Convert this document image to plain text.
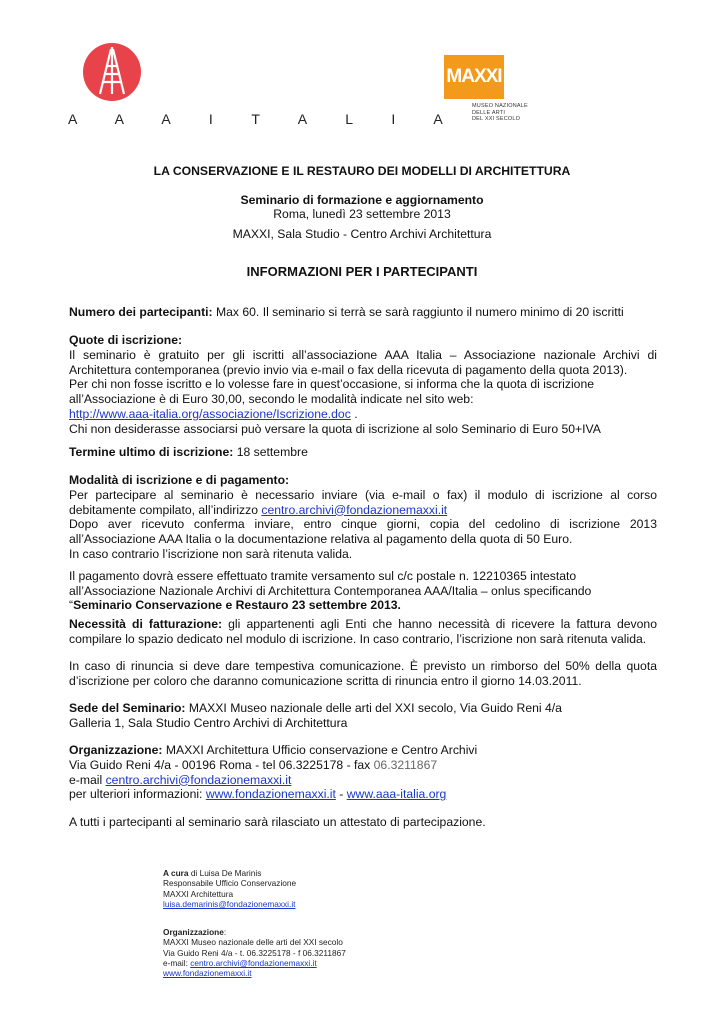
A A A I T A L I A
MAXXI
MUSEO NAZIONALE
DELLE ARTI
DEL XXI SECOLO
LA CONSERVAZIONE E IL RESTAURO DEI MODELLI DI ARCHITETTURA
Seminario di formazione e aggiornamento
Roma, lunedì 23 settembre 2013
MAXXI, Sala Studio - Centro Archivi Architettura
INFORMAZIONI PER I PARTECIPANTI
Numero dei partecipanti: Max 60. Il seminario si terrà se sarà raggiunto il numero minimo di 20 iscritti
Quote di iscrizione:
Il seminario è gratuito per gli iscritti all’associazione AAA Italia – Associazione nazionale Archivi di Architettura contemporanea (previo invio via e-mail o fax della ricevuta di pagamento della quota 2013).
Per chi non fosse iscritto e lo volesse fare in quest’occasione, si informa che la quota di iscrizione all’Associazione è di Euro 30,00, secondo le modalità indicate nel sito web:
http://www.aaa-italia.org/associazione/Iscrizione.doc .
Chi non desiderasse associarsi può versare la quota di iscrizione al solo Seminario di Euro 50+IVA
Termine ultimo di iscrizione: 18 settembre
Modalità di iscrizione e di pagamento:
Per partecipare al seminario è necessario inviare (via e-mail o fax) il modulo di iscrizione al corso debitamente compilato, all’indirizzo centro.archivi@fondazionemaxxi.it
Dopo aver ricevuto conferma inviare, entro cinque giorni, copia del cedolino di iscrizione 2013 all’Associazione AAA Italia o la documentazione relativa al pagamento della quota di 50 Euro.
In caso contrario l’iscrizione non sarà ritenuta valida.
Il pagamento dovrà essere effettuato tramite versamento sul c/c postale n. 12210365 intestato all’Associazione Nazionale Archivi di Architettura Contemporanea AAA/Italia – onlus specificando “Seminario Conservazione e Restauro 23 settembre 2013.
Necessità di fatturazione: gli appartenenti agli Enti che hanno necessità di ricevere la fattura devono compilare lo spazio dedicato nel modulo di iscrizione. In caso contrario, l’iscrizione non sarà ritenuta valida.
In caso di rinuncia si deve dare tempestiva comunicazione. È previsto un rimborso del 50% della quota d’iscrizione per coloro che daranno comunicazione scritta di rinuncia entro il giorno 14.03.2011.
Sede del Seminario: MAXXI Museo nazionale delle arti del XXI secolo, Via Guido Reni 4/a
Galleria 1, Sala Studio Centro Archivi di Architettura
Organizzazione: MAXXI Architettura Ufficio conservazione e Centro Archivi
Via Guido Reni 4/a - 00196 Roma - tel 06.3225178 - fax 06.3211867
e-mail centro.archivi@fondazionemaxxi.it
per ulteriori informazioni: www.fondazionemaxxi.it - www.aaa-italia.org
A tutti i partecipanti al seminario sarà rilasciato un attestato di partecipazione.
A cura di Luisa De Marinis
Responsabile Ufficio Conservazione
MAXXI Architettura
luisa.demarinis@fondazionemaxxi.it
Organizzazione:
MAXXI Museo nazionale delle arti del XXI secolo
Via Guido Reni 4/a - t. 06.3225178 - f 06.3211867
e-mail: centro.archivi@fondazionemaxxi.it
www.fondazionemaxxi.it
